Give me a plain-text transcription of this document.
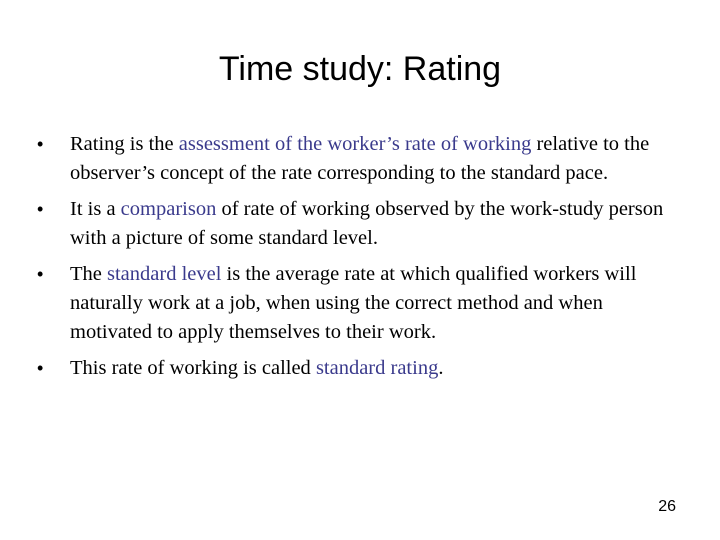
Time study: Rating
• Rating is the assessment of the worker’s rate of working relative to the observer’s concept of the rate corresponding to the standard pace.
• It is a comparison of rate of working observed by the work-study person with a picture of some standard level.
• The standard level is the average rate at which qualified workers will naturally work at a job, when using the correct method and when motivated to apply themselves to their work.
• This rate of working is called standard rating.
26
